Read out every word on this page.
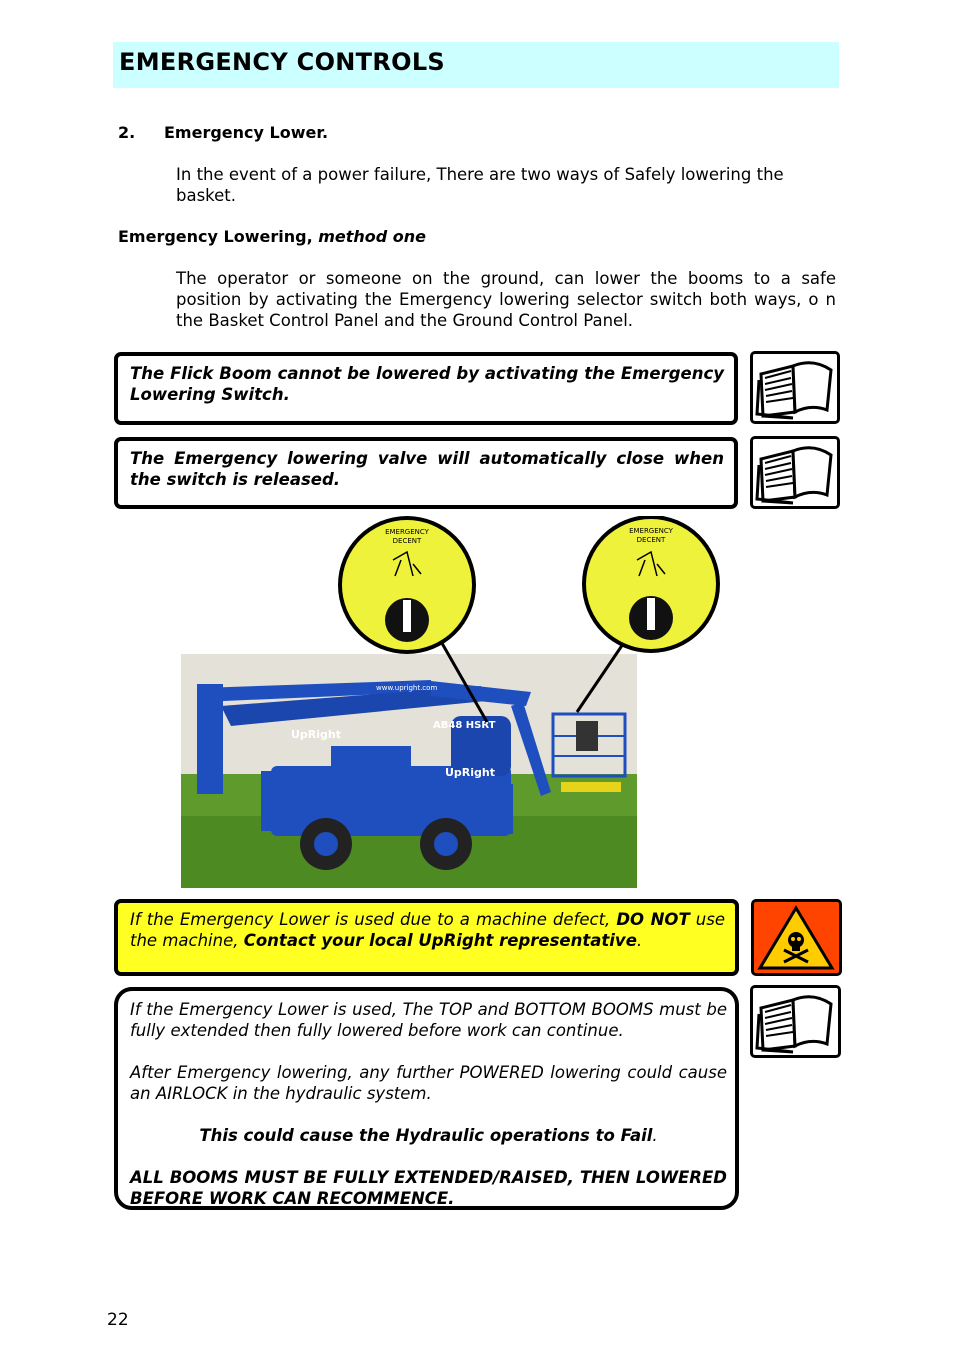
EMERGENCY CONTROLS
2. Emergency Lower.
In the event of a power failure, There are two ways of Safely lowering the basket.
Emergency Lowering, method one
The operator or someone on the ground, can lower the booms to a safe position by activating the Emergency lowering selector switch both ways, o n the Basket Control Panel and the Ground Control Panel.
The Flick Boom cannot be lowered by activating the Emergency Lowering Switch.
The Emergency lowering valve will automatically close when the switch is released.
www.upright.com
AB48 HSRT
UpRight
UpRight
EMERGENCY
DECENT
EMERGENCY
DECENT
If the Emergency Lower is used due to a machine defect, DO NOT use the machine, Contact your local UpRight representative.

If the Emergency Lower is used, The TOP and BOTTOM BOOMS must be fully extended then fully lowered before work can continue.

After Emergency lowering, any further POWERED lowering could cause an AIRLOCK in the hydraulic system.

This could cause the Hydraulic operations to Fail.

ALL BOOMS MUST BE FULLY EXTENDED/RAISED, THEN LOWERED BEFORE WORK CAN RECOMMENCE.

22
